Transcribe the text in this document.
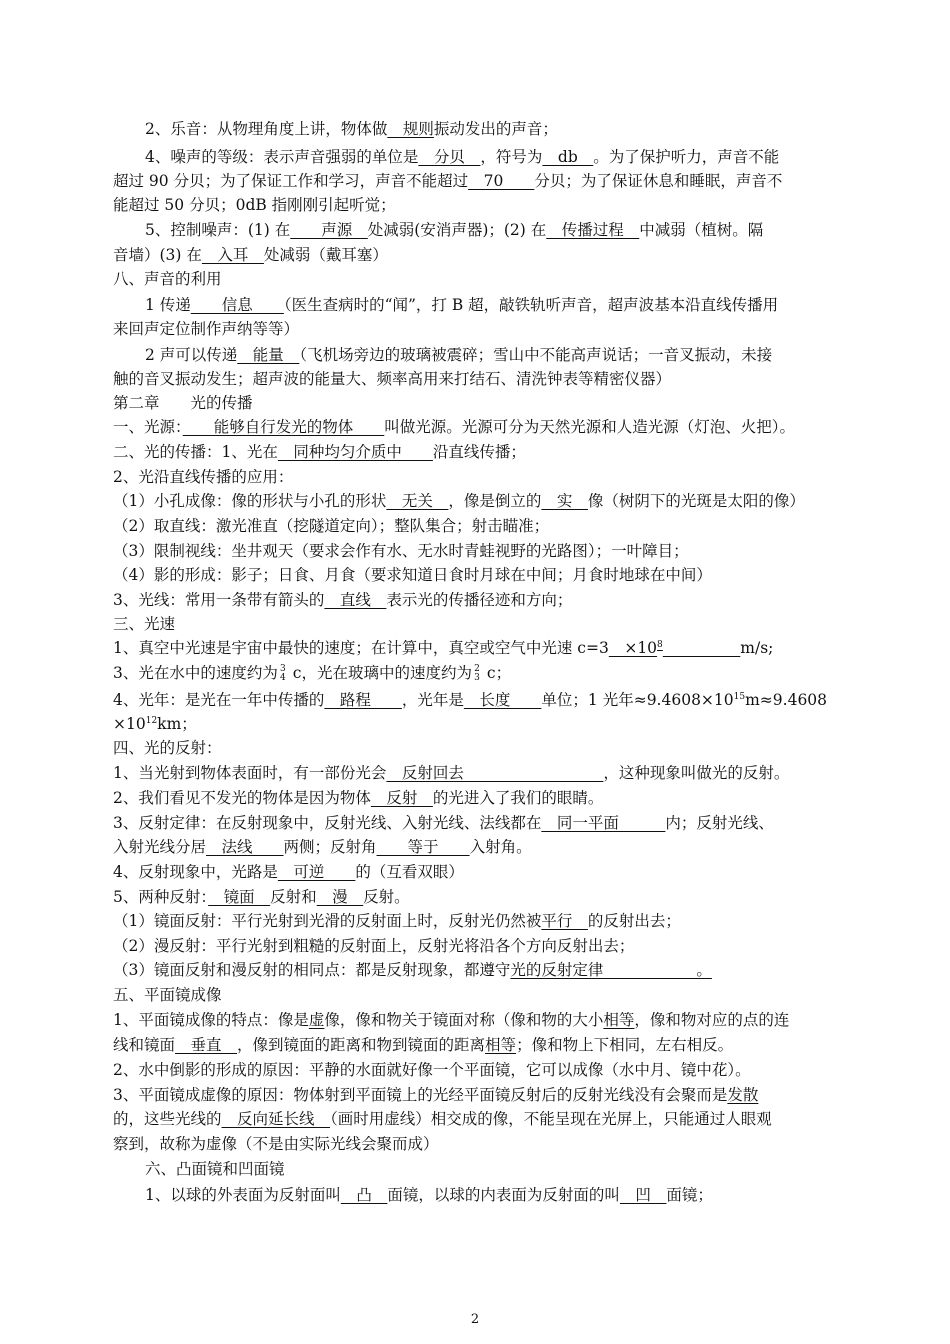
2、乐音：从物理角度上讲，物体做　规则振动发出的声音；
4、噪声的等级：表示声音强弱的单位是　分贝　，符号为　db　。为了保护听力，声音不能
超过 90 分贝；为了保证工作和学习，声音不能超过　70　　分贝；为了保证休息和睡眠，声音不
能超过 50 分贝；0dB 指刚刚引起听觉；
5、控制噪声：(1) 在　　声源　处减弱(安消声器)；(2) 在　传播过程　中减弱（植树。隔
音墙）(3) 在　入耳　处减弱（戴耳塞）
八、声音的利用
1 传递　　信息　　（医生查病时的“闻”，打 B 超，敲铁轨听声音，超声波基本沿直线传播用
来回声定位制作声纳等等）
2 声可以传递　能量　（飞机场旁边的玻璃被震碎；雪山中不能高声说话；一音叉振动，未接
触的音叉振动发生；超声波的能量大、频率高用来打结石、清洗钟表等精密仪器）
第二章　　光的传播
一、光源：　　能够自行发光的物体　　叫做光源。光源可分为天然光源和人造光源（灯泡、火把）。
二、光的传播：1、光在　同种均匀介质中　　沿直线传播；
2、光沿直线传播的应用：
（1）小孔成像：像的形状与小孔的形状　无关　，像是倒立的　实　像（树阴下的光斑是太阳的像）
（2）取直线：激光准直（挖隧道定向）；整队集合；射击瞄准；
（3）限制视线：坐井观天（要求会作有水、无水时青蛙视野的光路图）；一叶障目；
（4）影的形成：影子；日食、月食（要求知道日食时月球在中间；月食时地球在中间）
3、光线：常用一条带有箭头的　直线　表示光的传播径迹和方向；
三、光速
1、真空中光速是宇宙中最快的速度；在计算中，真空或空气中光速 c=3　$\times 10^8$　　　　　	m/s;
3、光在水中的速度约为 3
4 c，光在玻璃中的速度约为 2
3 c；
4、光年：是光在一年中传播的　路程　　，光年是　长度　　单位；1 光年$\approx 9.4608\times 10^{15}m\approx 9.4608$
$\times 10^{12}km$；
四、光的反射：
1、当光射到物体表面时，有一部份光会　反射回去　　　　　　　　　，这种现象叫做光的反射。
2、我们看见不发光的物体是因为物体　反射　的光进入了我们的眼睛。
3、反射定律：在反射现象中，反射光线、入射光线、法线都在　同一平面　　　内；反射光线、
入射光线分居　法线　　两侧；反射角　　等于　　入射角。
4、反射现象中，光路是　可逆　　的（互看双眼）
5、两种反射：　镜面　反射和　漫　反射。
（1）镜面反射：平行光射到光滑的反射面上时，反射光仍然被平行　的反射出去；
（2）漫反射：平行光射到粗糙的反射面上，反射光将沿各个方向反射出去；
（3）镜面反射和漫反射的相同点：都是反射现象，都遵守光的反射定律　　　　　　。
五、平面镜成像
1、平面镜成像的特点：像是虚像，像和物关于镜面对称（像和物的大小相等，像和物对应的点的连
线和镜面　垂直　，像到镜面的距离和物到镜面的距离相等；像和物上下相同，左右相反。
2、水中倒影的形成的原因：平静的水面就好像一个平面镜，它可以成像（水中月、镜中花）。
3、平面镜成虚像的原因：物体射到平面镜上的光经平面镜反射后的反射光线没有会聚而是发散
的，这些光线的　反向延长线　（画时用虚线）相交成的像，不能呈现在光屏上，只能通过人眼观
察到，故称为虚像（不是由实际光线会聚而成）
六、凸面镜和凹面镜
1、以球的外表面为反射面叫　凸　面镜，以球的内表面为反射面的叫　凹　面镜；
2
